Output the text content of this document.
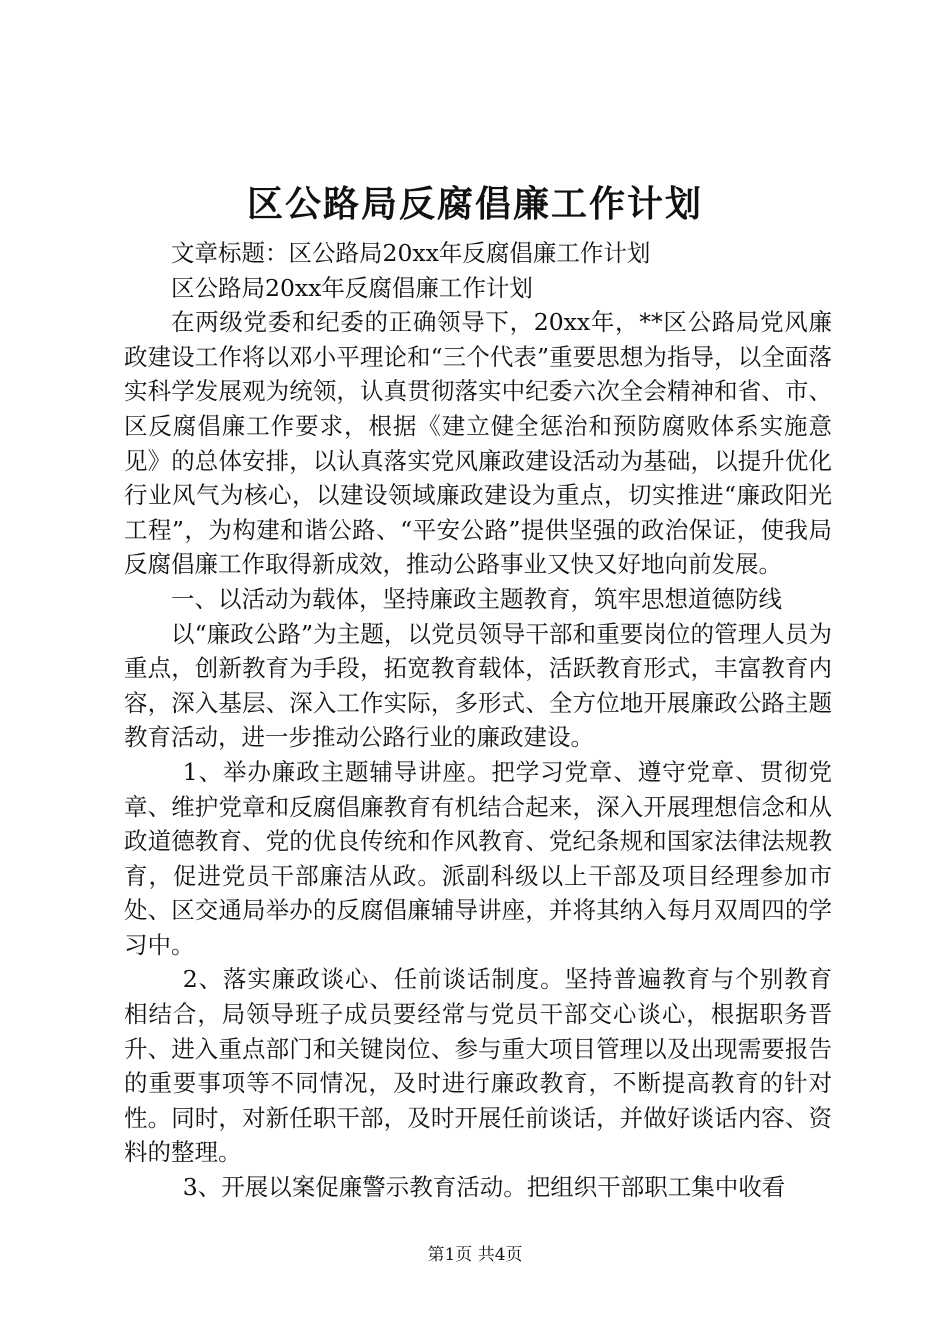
区公路局反腐倡廉工作计划

文章标题：区公路局20xx年反腐倡廉工作计划

区公路局20xx年反腐倡廉工作计划

在两级党委和纪委的正确领导下，20xx年，**区公路局党风廉政建设工作将以邓小平理论和“三个代表”重要思想为指导，以全面落实科学发展观为统领，认真贯彻落实中纪委六次全会精神和省、市、区反腐倡廉工作要求，根据《建立健全惩治和预防腐败体系实施意见》的总体安排，以认真落实党风廉政建设活动为基础，以提升优化行业风气为核心，以建设领域廉政建设为重点，切实推进“廉政阳光工程”，为构建和谐公路、“平安公路”提供坚强的政治保证，使我局反腐倡廉工作取得新成效，推动公路事业又快又好地向前发展。

一、以活动为载体，坚持廉政主题教育，筑牢思想道德防线

以“廉政公路”为主题，以党员领导干部和重要岗位的管理人员为重点，创新教育为手段，拓宽教育载体，活跃教育形式，丰富教育内容，深入基层、深入工作实际，多形式、全方位地开展廉政公路主题教育活动，进一步推动公路行业的廉政建设。

1、举办廉政主题辅导讲座。把学习党章、遵守党章、贯彻党章、维护党章和反腐倡廉教育有机结合起来，深入开展理想信念和从政道德教育、党的优良传统和作风教育、党纪条规和国家法律法规教育，促进党员干部廉洁从政。派副科级以上干部及项目经理参加市处、区交通局举办的反腐倡廉辅导讲座，并将其纳入每月双周四的学习中。

2、落实廉政谈心、任前谈话制度。坚持普遍教育与个别教育相结合，局领导班子成员要经常与党员干部交心谈心，根据职务晋升、进入重点部门和关键岗位、参与重大项目管理以及出现需要报告的重要事项等不同情况，及时进行廉政教育，不断提高教育的针对性。同时，对新任职干部，及时开展任前谈话，并做好谈话内容、资料的整理。

3、开展以案促廉警示教育活动。把组织干部职工集中收看

第1页 共4页
